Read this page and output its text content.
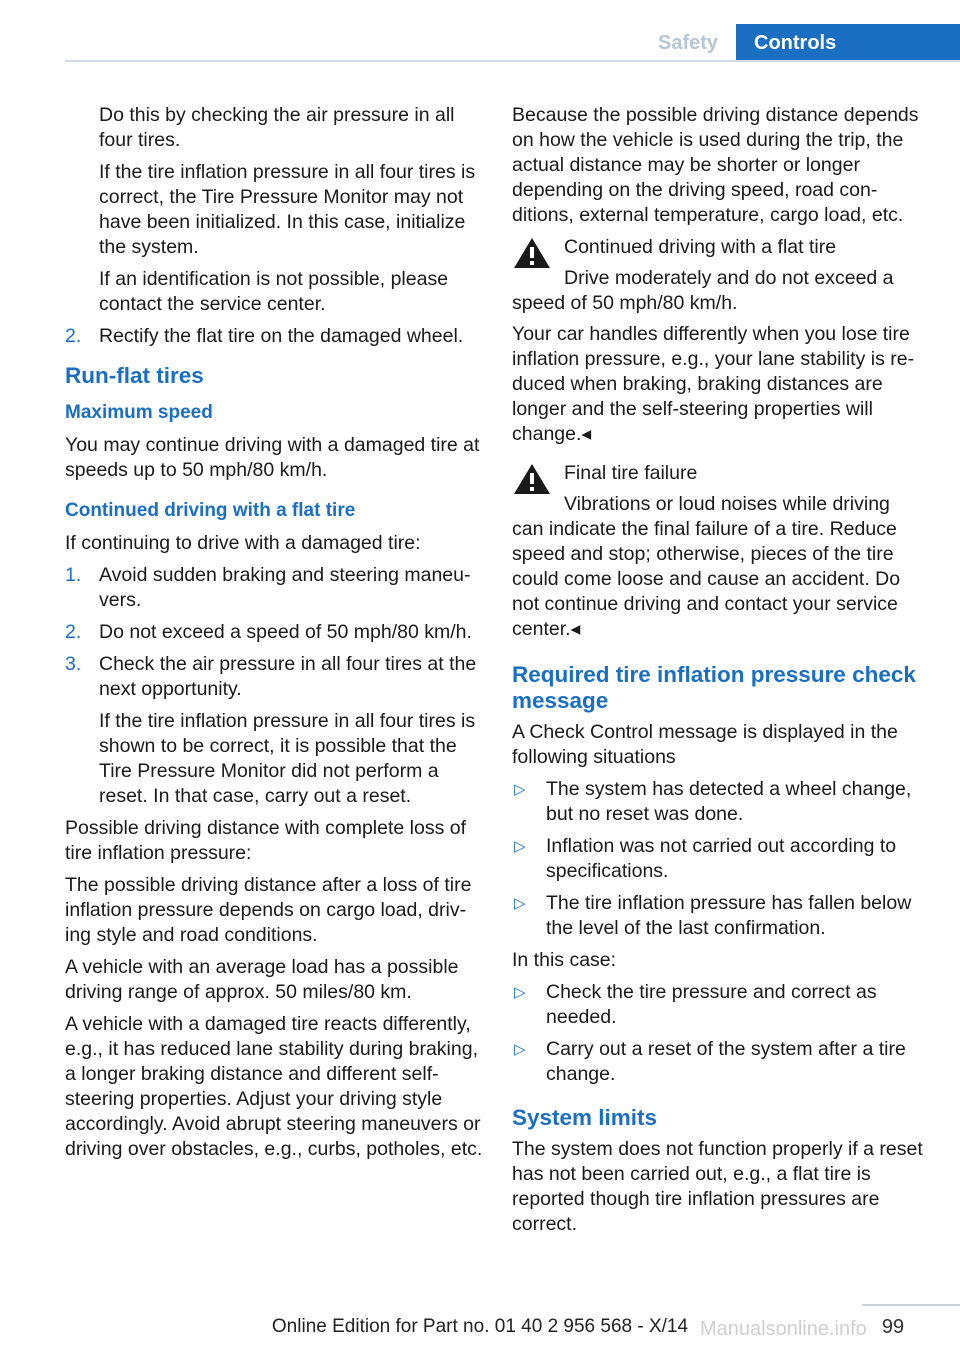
Safety	Controls

Do this by checking the air pressure in all four tires.

If the tire inflation pressure in all four tires is correct, the Tire Pressure Monitor may not have been initialized. In this case, initialize the system.

If an identification is not possible, please contact the service center.

2. Rectify the flat tire on the damaged wheel.
Run-flat tires
Maximum speed

You may continue driving with a damaged tire at speeds up to 50 mph/80 km/h.

Continued driving with a flat tire

If continuing to drive with a damaged tire:

1. Avoid sudden braking and steering maneuvers.
2. Do not exceed a speed of 50 mph/80 km/h.
3. Check the air pressure in all four tires at the next opportunity.

If the tire inflation pressure in all four tires is shown to be correct, it is possible that the Tire Pressure Monitor did not perform a reset. In that case, carry out a reset.

Possible driving distance with complete loss of tire inflation pressure:

The possible driving distance after a loss of tire inflation pressure depends on cargo load, driving style and road conditions.

A vehicle with an average load has a possible driving range of approx. 50 miles/80 km.

A vehicle with a damaged tire reacts differently, e.g., it has reduced lane stability during braking, a longer braking distance and different self-steering properties. Adjust your driving style accordingly. Avoid abrupt steering maneuvers or driving over obstacles, e.g., curbs, potholes, etc.

Because the possible driving distance depends on how the vehicle is used during the trip, the actual distance may be shorter or longer depending on the driving speed, road conditions, external temperature, cargo load, etc.

Continued driving with a flat tire

Drive moderately and do not exceed a speed of 50 mph/80 km/h.

Your car handles differently when you lose tire inflation pressure, e.g., your lane stability is reduced when braking, braking distances are longer and the self-steering properties will change.◂

Final tire failure

Vibrations or loud noises while driving can indicate the final failure of a tire. Reduce speed and stop; otherwise, pieces of the tire could come loose and cause an accident. Do not continue driving and contact your service center.◂

Required tire inflation pressure check message

A Check Control message is displayed in the following situations

▷ The system has detected a wheel change, but no reset was done.
▷ Inflation was not carried out according to specifications.
▷ The tire inflation pressure has fallen below the level of the last confirmation.

In this case:

▷ Check the tire pressure and correct as needed.
▷ Carry out a reset of the system after a tire change.
System limits

The system does not function properly if a reset has not been carried out, e.g., a flat tire is reported though tire inflation pressures are correct.

99
Online Edition for Part no. 01 40 2 956 568 - X/14 Manualsonline.info
